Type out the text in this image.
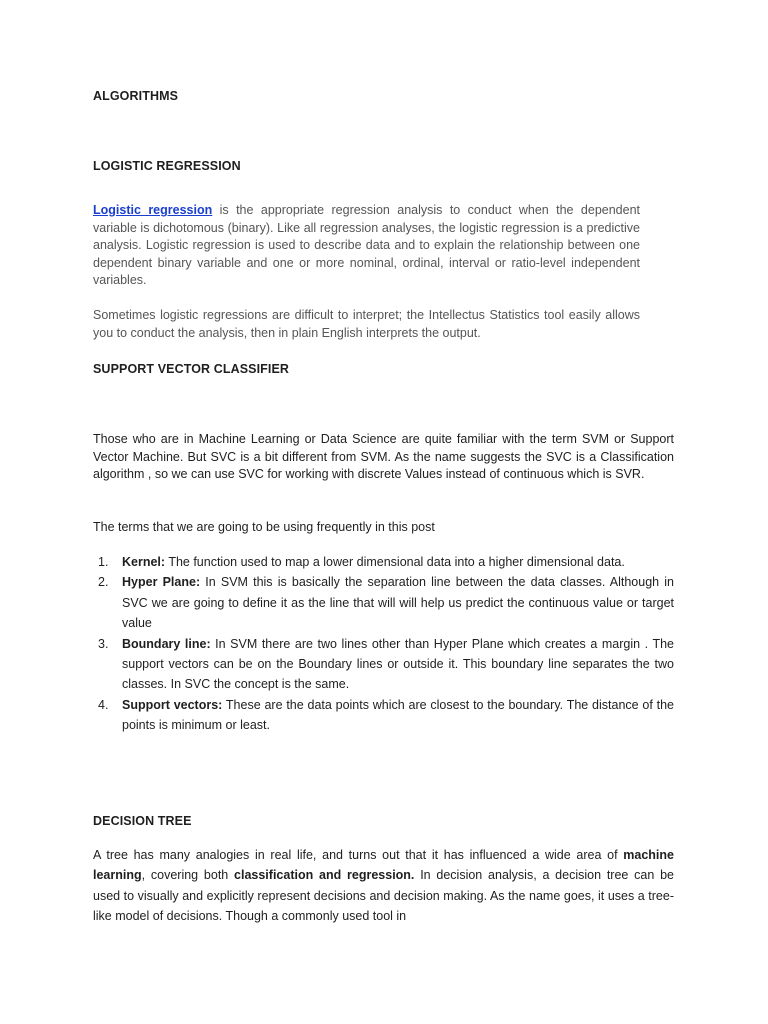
ALGORITHMS
LOGISTIC REGRESSION
Logistic regression is the appropriate regression analysis to conduct when the dependent variable is dichotomous (binary). Like all regression analyses, the logistic regression is a predictive analysis. Logistic regression is used to describe data and to explain the relationship between one dependent binary variable and one or more nominal, ordinal, interval or ratio-level independent variables.
Sometimes logistic regressions are difficult to interpret; the Intellectus Statistics tool easily allows you to conduct the analysis, then in plain English interprets the output.
SUPPORT VECTOR CLASSIFIER
Those who are in Machine Learning or Data Science are quite familiar with the term SVM or Support Vector Machine. But SVC is a bit different from SVM. As the name suggests the SVC is a Classification algorithm , so we can use SVC for working with discrete Values instead of continuous which is SVR.
The terms that we are going to be using frequently in this post
1. Kernel: The function used to map a lower dimensional data into a higher dimensional data.
2. Hyper Plane: In SVM this is basically the separation line between the data classes. Although in SVC we are going to define it as the line that will will help us predict the continuous value or target value
3. Boundary line: In SVM there are two lines other than Hyper Plane which creates a margin . The support vectors can be on the Boundary lines or outside it. This boundary line separates the two classes. In SVC the concept is the same.
4. Support vectors: These are the data points which are closest to the boundary. The distance of the points is minimum or least.
DECISION TREE
A tree has many analogies in real life, and turns out that it has influenced a wide area of machine learning, covering both classification and regression. In decision analysis, a decision tree can be used to visually and explicitly represent decisions and decision making. As the name goes, it uses a tree-like model of decisions. Though a commonly used tool in
